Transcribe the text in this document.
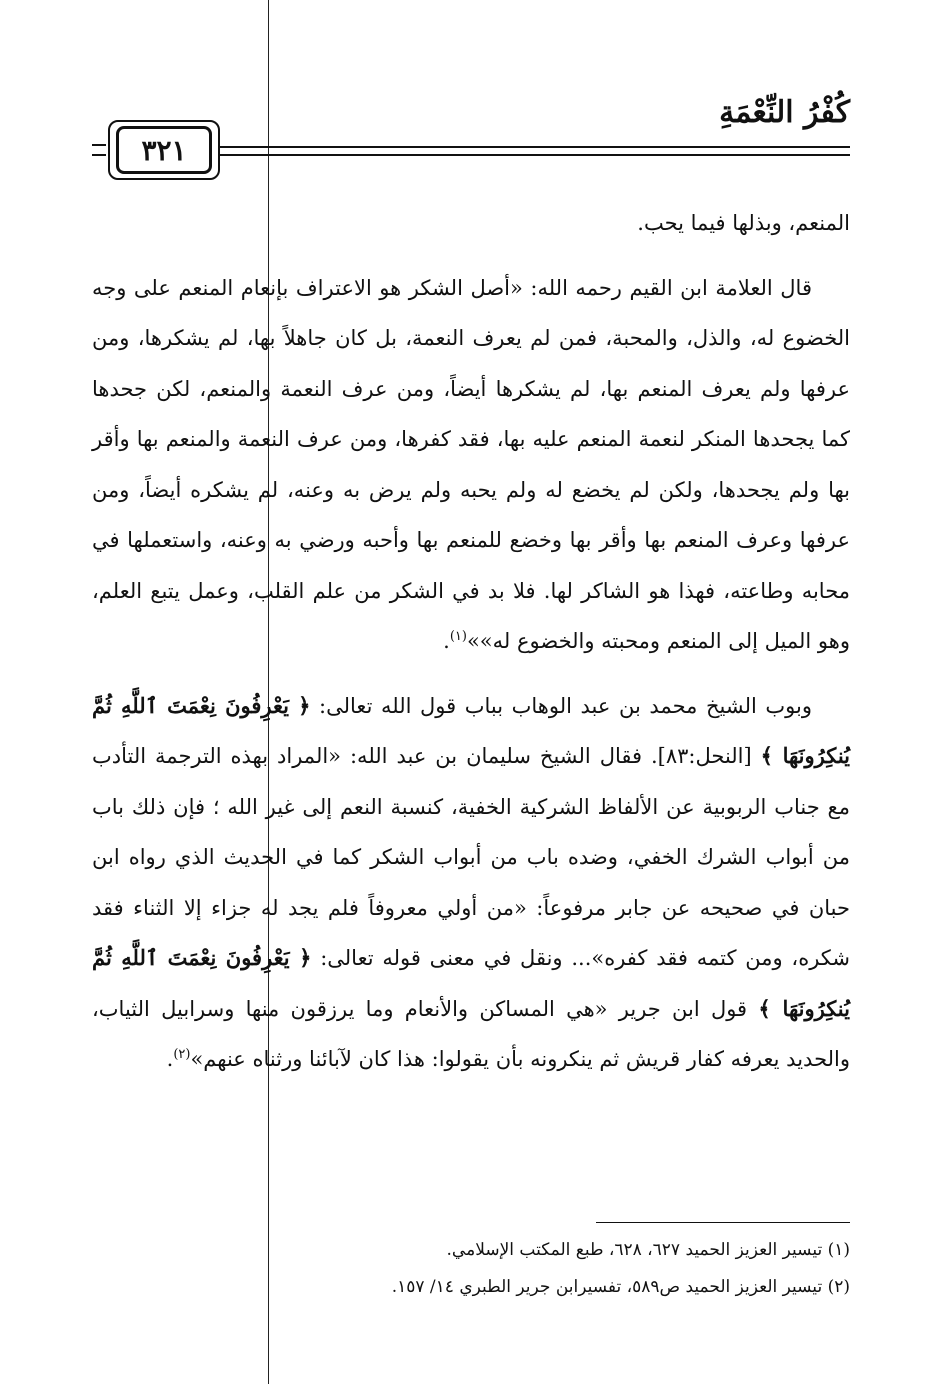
كُفْرُ النِّعْمَةِ
٣٢١

المنعم، وبذلها فيما يحب.

قال العلامة ابن القيم رحمه الله: «أصل الشكر هو الاعتراف بإنعام المنعم على وجه الخضوع له، والذل، والمحبة، فمن لم يعرف النعمة، بل كان جاهلاً بها، لم يشكرها، ومن عرفها ولم يعرف المنعم بها، لم يشكرها أيضاً، ومن عرف النعمة والمنعم، لكن جحدها كما يجحدها المنكر لنعمة المنعم عليه بها، فقد كفرها، ومن عرف النعمة والمنعم بها وأقر بها ولم يجحدها، ولكن لم يخضع له ولم يحبه ولم يرض به وعنه، لم يشكره أيضاً، ومن عرفها وعرف المنعم بها وأقر بها وخضع للمنعم بها وأحبه ورضي به وعنه، واستعملها في محابه وطاعته، فهذا هو الشاكر لها. فلا بد في الشكر من علم القلب، وعمل يتبع العلم، وهو الميل إلى المنعم ومحبته والخضوع له»»$^{(١)}$.

وبوب الشيخ محمد بن عبد الوهاب بباب قول الله تعالى: ﴿ يَعْرِفُونَ نِعْمَتَ ٱللَّهِ ثُمَّ يُنكِرُونَهَا ﴾ [النحل:٨٣]. فقال الشيخ سليمان بن عبد الله: «المراد بهذه الترجمة التأدب مع جناب الربوبية عن الألفاظ الشركية الخفية، كنسبة النعم إلى غير الله ؛ فإن ذلك باب من أبواب الشرك الخفي، وضده باب من أبواب الشكر كما في الحديث الذي رواه ابن حبان في صحيحه عن جابر مرفوعاً: «من أولي معروفاً فلم يجد له جزاء إلا الثناء فقد شكره، ومن كتمه فقد كفره»... ونقل في معنى قوله تعالى: ﴿ يَعْرِفُونَ نِعْمَتَ ٱللَّهِ ثُمَّ يُنكِرُونَهَا ﴾ قول ابن جرير «هي المساكن والأنعام وما يرزقون منها وسرابيل الثياب، والحديد يعرفه كفار قريش ثم ينكرونه بأن يقولوا: هذا كان لآبائنا ورثناه عنهم»$^{(٢)}$.

(١) تيسير العزيز الحميد ٦٢٧، ٦٢٨، طبع المكتب الإسلامي.
(٢) تيسير العزيز الحميد ص٥٨٩، تفسيرابن جرير الطبري ١٤/ ١٥٧.
